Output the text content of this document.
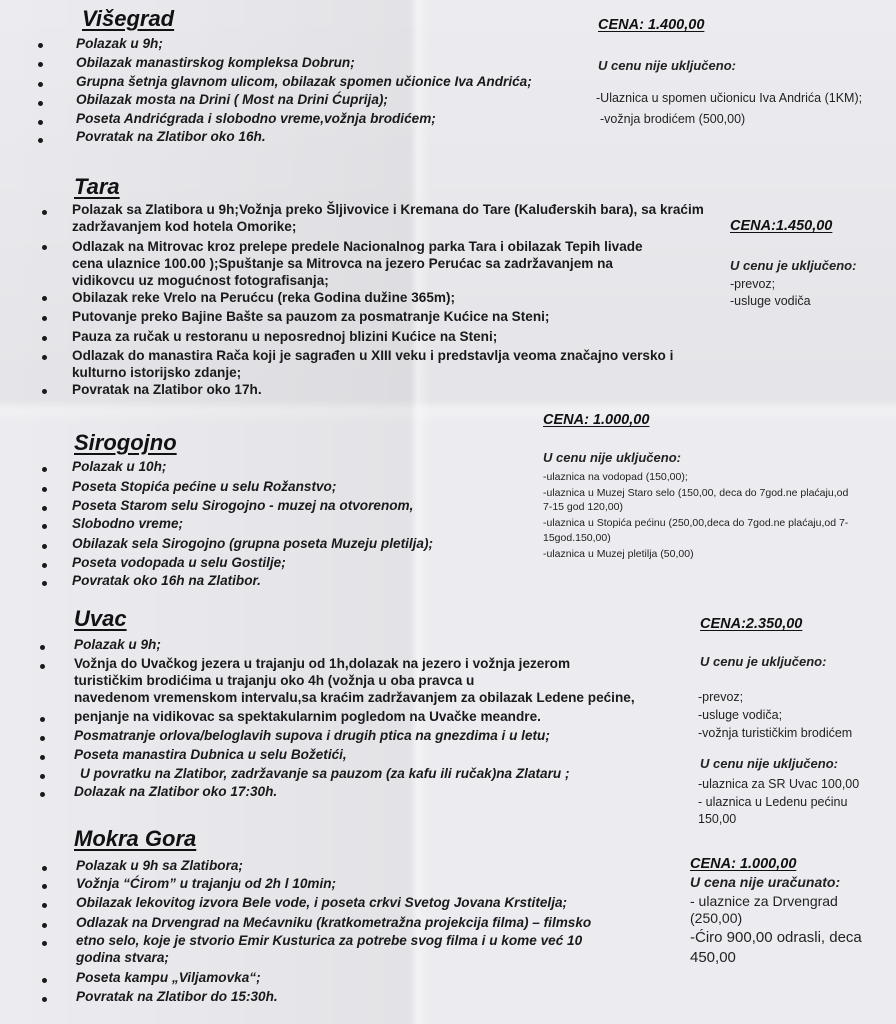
Višegrad	CENA: 1.400,00
U cenu nije uključeno:
-Ulaznica u spomen učionicu Iva Andrića (1KM);
-vožnja brodićem (500,00)
Polazak u 9h;
Obilazak manastirskog kompleksa Dobrun;
Grupna šetnja glavnom ulicom, obilazak spomen učionice Iva Andrića;
Obilazak mosta na Drini ( Most na Drini Ćuprija);
Poseta Andrićgrada i slobodno vreme,vožnja brodićem;
Povratak na Zlatibor oko 16h.
Tara
CENA:1.450,00
U cenu je uključeno:
-prevoz;
-usluge vodiča
Polazak sa Zlatibora u 9h;Vožnja preko Šljivovice i Kremana do Tare (Kaluđerskih bara), sa kraćim
zadržavanjem kod hotela Omorike;
Odlazak na Mitrovac kroz prelepe predele Nacionalnog parka Tara i obilazak Tepih livade
cena ulaznice 100.00 );Spuštanje sa Mitrovca na jezero Perućac sa zadržavanjem na
vidikovcu uz mogućnost fotografisanja;
Obilazak reke Vrelo na Perućcu (reka Godina dužine 365m);
Putovanje preko Bajine Bašte sa pauzom za posmatranje Kućice na Steni;
Pauza za ručak u restoranu u neposrednoj blizini Kućice na Steni;
Odlazak do manastira Rača koji je sagrađen u XIII veku i predstavlja veoma značajno versko i
kulturno istorijsko zdanje;
Povratak na Zlatibor oko 17h.
CENA: 1.000,00
Sirogojno
U cenu nije uključeno:
-ulaznica na vodopad (150,00);
-ulaznica u Muzej Staro selo (150,00, deca do 7god.ne plaćaju,od
7-15 god 120,00)
-ulaznica u Stopića pećinu (250,00,deca do 7god.ne plaćaju,od 7-
15god.150,00)
-ulaznica u Muzej pletilja (50,00)
Polazak u 10h;
Poseta Stopića pećine u selu Rožanstvo;
Poseta Starom selu Sirogojno - muzej na otvorenom,
Slobodno vreme;
Obilazak sela Sirogojno (grupna poseta Muzeju pletilja);
Poseta vodopada u selu Gostilje;
Povratak oko 16h na Zlatibor.
Uvac	CENA:2.350,00
U cenu je uključeno:
-prevoz;
-usluge vodiča;
-vožnja turističkim brodićem
U cenu nije uključeno:
-ulaznica za SR Uvac 100,00
- ulaznica u Ledenu pećinu
150,00
Polazak u 9h;
Vožnja do Uvačkog jezera u trajanju od 1h,dolazak na jezero i vožnja jezerom
turističkim brodićima u trajanju oko 4h (vožnja u oba pravca u
navedenom vremenskom intervalu,sa kraćim zadržavanjem za obilazak Ledene pećine,
penjanje na vidikovac sa spektakularnim pogledom na Uvačke meandre.
Posmatranje orlova/beloglavih supova i drugih ptica na gnezdima i u letu;
Poseta manastira Dubnica u selu Božetići,
U povratku na Zlatibor, zadržavanje sa pauzom (za kafu ili ručak)na Zlataru ;
Dolazak na Zlatibor oko 17:30h.
Mokra Gora
CENA: 1.000,00
U cena nije uračunato:
- ulaznice za Drvengrad
(250,00)
-Ćiro 900,00 odrasli, deca
450,00
Polazak u 9h sa Zlatibora;
Vožnja “Ćirom” u trajanju od 2h l 10min;
Obilazak lekovitog izvora Bele vode, i poseta crkvi Svetog Jovana Krstitelja;
Odlazak na Drvengrad na Mećavniku (kratkometražna projekcija filma) – filmsko
etno selo, koje je stvorio Emir Kusturica za potrebe svog filma i u kome već 10
godina stvara;
Poseta kampu „Viljamovka“;
Povratak na Zlatibor do 15:30h.
